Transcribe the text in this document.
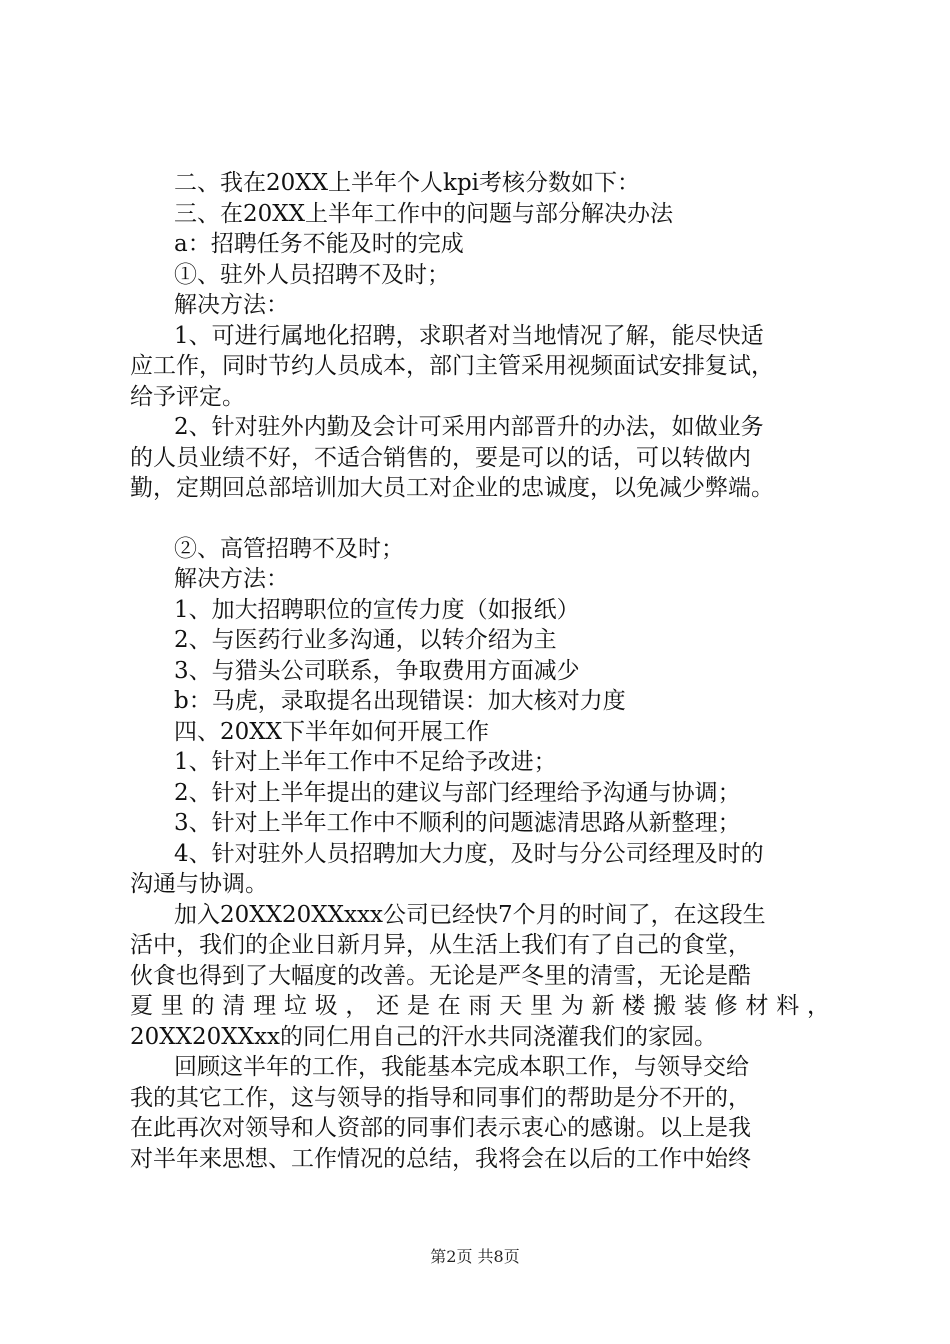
二、我在20XX上半年个人kpi考核分数如下：
三、在20XX上半年工作中的问题与部分解决办法
a：招聘任务不能及时的完成
①、驻外人员招聘不及时；
解决方法：
1、可进行属地化招聘，求职者对当地情况了解，能尽快适
应工作，同时节约人员成本，部门主管采用视频面试安排复试，
给予评定。
2、针对驻外内勤及会计可采用内部晋升的办法，如做业务
的人员业绩不好，不适合销售的，要是可以的话，可以转做内
勤，定期回总部培训加大员工对企业的忠诚度，以免减少弊端。
②、高管招聘不及时；
解决方法：
1、加大招聘职位的宣传力度（如报纸）
2、与医药行业多沟通，以转介绍为主
3、与猎头公司联系，争取费用方面减少
b：马虎，录取提名出现错误：加大核对力度
四、20XX下半年如何开展工作
1、针对上半年工作中不足给予改进；
2、针对上半年提出的建议与部门经理给予沟通与协调；
3、针对上半年工作中不顺利的问题滤清思路从新整理；
4、针对驻外人员招聘加大力度，及时与分公司经理及时的
沟通与协调。
加入20XX20XXxxx公司已经快7个月的时间了，在这段生
活中，我们的企业日新月异，从生活上我们有了自己的食堂，
伙食也得到了大幅度的改善。无论是严冬里的清雪，无论是酷
夏里的清理垃圾，还是在雨天里为新楼搬装修材料，
20XX20XXxx的同仁用自己的汗水共同浇灌我们的家园。
回顾这半年的工作，我能基本完成本职工作，与领导交给
我的其它工作，这与领导的指导和同事们的帮助是分不开的，
在此再次对领导和人资部的同事们表示衷心的感谢。以上是我
对半年来思想、工作情况的总结，我将会在以后的工作中始终
第2页 共8页
